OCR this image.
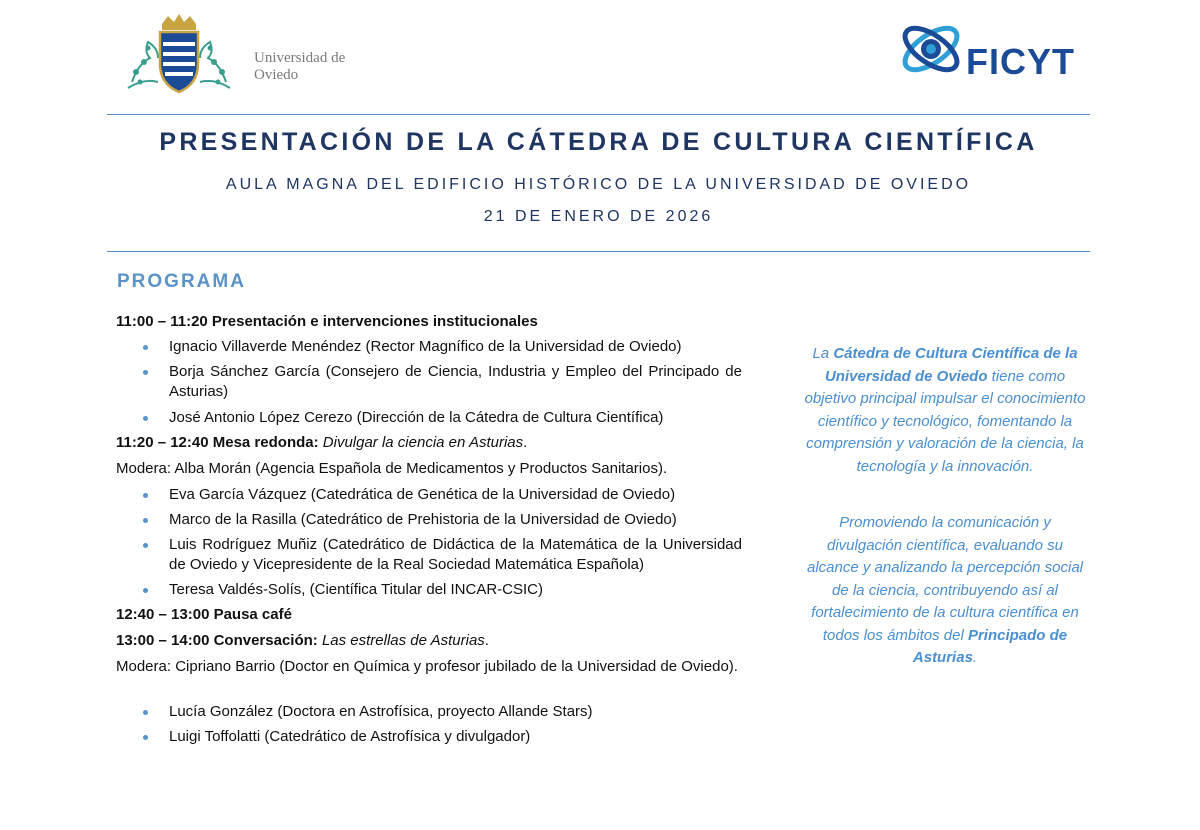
Universidad de
Oviedo	FICYT
PRESENTACIÓN DE LA CÁTEDRA DE CULTURA CIENTÍFICA
AULA MAGNA DEL EDIFICIO HISTÓRICO DE LA UNIVERSIDAD DE OVIEDO
21 DE ENERO DE 2026
PROGRAMA
11:00 – 11:20 Presentación e intervenciones institucionales
Ignacio Villaverde Menéndez (Rector Magnífico de la Universidad de Oviedo)
Borja Sánchez García (Consejero de Ciencia, Industria y Empleo del Principado de Asturias)
José Antonio López Cerezo (Dirección de la Cátedra de Cultura Científica)
11:20 – 12:40 Mesa redonda: Divulgar la ciencia en Asturias.
Modera: Alba Morán (Agencia Española de Medicamentos y Productos Sanitarios).
Eva García Vázquez (Catedrática de Genética de la Universidad de Oviedo)
Marco de la Rasilla (Catedrático de Prehistoria de la Universidad de Oviedo)
Luis Rodríguez Muñiz (Catedrático de Didáctica de la Matemática de la Universidad de Oviedo y Vicepresidente de la Real Sociedad Matemática Española)
Teresa Valdés-Solís, (Científica Titular del INCAR-CSIC)
12:40 – 13:00 Pausa café
13:00 – 14:00 Conversación: Las estrellas de Asturias.
Modera: Cipriano Barrio (Doctor en Química y profesor jubilado de la Universidad de Oviedo).
Lucía González (Doctora en Astrofísica, proyecto Allande Stars)
Luigi Toffolatti (Catedrático de Astrofísica y divulgador)
La Cátedra de Cultura Científica de la Universidad de Oviedo tiene como objetivo principal impulsar el conocimiento científico y tecnológico, fomentando la comprensión y valoración de la ciencia, la tecnología y la innovación.
Promoviendo la comunicación y divulgación científica, evaluando su alcance y analizando la percepción social de la ciencia, contribuyendo así al fortalecimiento de la cultura científica en todos los ámbitos del Principado de Asturias.
